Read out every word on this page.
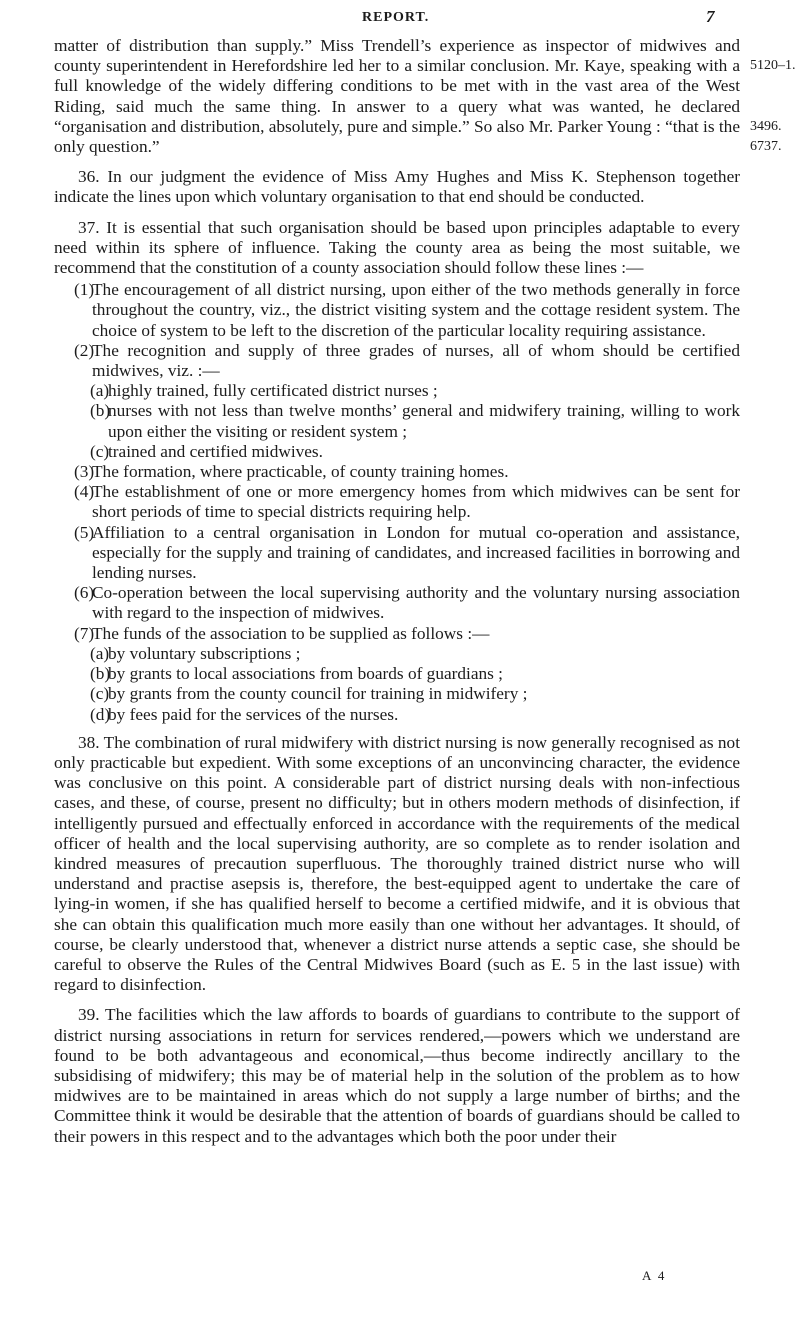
REPORT.	7

matter of distribution than supply.” Miss Trendell’s experience as inspector of midwives and county superintendent in Herefordshire led her to a similar conclusion. Mr. Kaye, speaking with a full knowledge of the widely differing conditions to be met with in the vast area of the West Riding, said much the same thing. In answer to a query what was wanted, he declared “organisation and distribution, absolutely, pure and simple.” So also Mr. Parker Young : “that is the only question.”

5120–1.
3496.
6737.

36. In our judgment the evidence of Miss Amy Hughes and Miss K. Stephenson together indicate the lines upon which voluntary organisation to that end should be conducted.

37. It is essential that such organisation should be based upon principles adaptable to every need within its sphere of influence. Taking the county area as being the most suitable, we recommend that the constitution of a county association should follow these lines :—

(1)
The encouragement of all district nursing, upon either of the two methods generally in force throughout the country, viz., the district visiting system and the cottage resident system. The choice of system to be left to the discretion of the particular locality requiring assistance.
(2)
The recognition and supply of three grades of nurses, all of whom should be certified midwives, viz. :—
(a)
highly trained, fully certificated district nurses ;
(b)
nurses with not less than twelve months’ general and midwifery training, willing to work upon either the visiting or resident system ;
(c)
trained and certified midwives.
(3)
The formation, where practicable, of county training homes.
(4)
The establishment of one or more emergency homes from which midwives can be sent for short periods of time to special districts requiring help.
(5)
Affiliation to a central organisation in London for mutual co-operation and assistance, especially for the supply and training of candidates, and increased facilities in borrowing and lending nurses.
(6)
Co-operation between the local supervising authority and the voluntary nursing association with regard to the inspection of midwives.
(7)
The funds of the association to be supplied as follows :—
(a)
by voluntary subscriptions ;
(b)
by grants to local associations from boards of guardians ;
(c)
by grants from the county council for training in midwifery ;
(d)
by fees paid for the services of the nurses.

38. The combination of rural midwifery with district nursing is now generally recognised as not only practicable but expedient. With some exceptions of an unconvincing character, the evidence was conclusive on this point. A considerable part of district nursing deals with non-infectious cases, and these, of course, present no difficulty; but in others modern methods of disinfection, if intelligently pursued and effectually enforced in accordance with the requirements of the medical officer of health and the local supervising authority, are so complete as to render isolation and kindred measures of precaution superfluous. The thoroughly trained district nurse who will understand and practise asepsis is, therefore, the best-equipped agent to undertake the care of lying-in women, if she has qualified herself to become a certified midwife, and it is obvious that she can obtain this qualification much more easily than one without her advantages. It should, of course, be clearly understood that, whenever a district nurse attends a septic case, she should be careful to observe the Rules of the Central Midwives Board (such as E. 5 in the last issue) with regard to disinfection.

39. The facilities which the law affords to boards of guardians to contribute to the support of district nursing associations in return for services rendered,—powers which we understand are found to be both advantageous and economical,—thus become indirectly ancillary to the subsidising of midwifery; this may be of material help in the solution of the problem as to how midwives are to be maintained in areas which do not supply a large number of births; and the Committee think it would be desirable that the attention of boards of guardians should be called to their powers in this respect and to the advantages which both the poor under their

A 4
